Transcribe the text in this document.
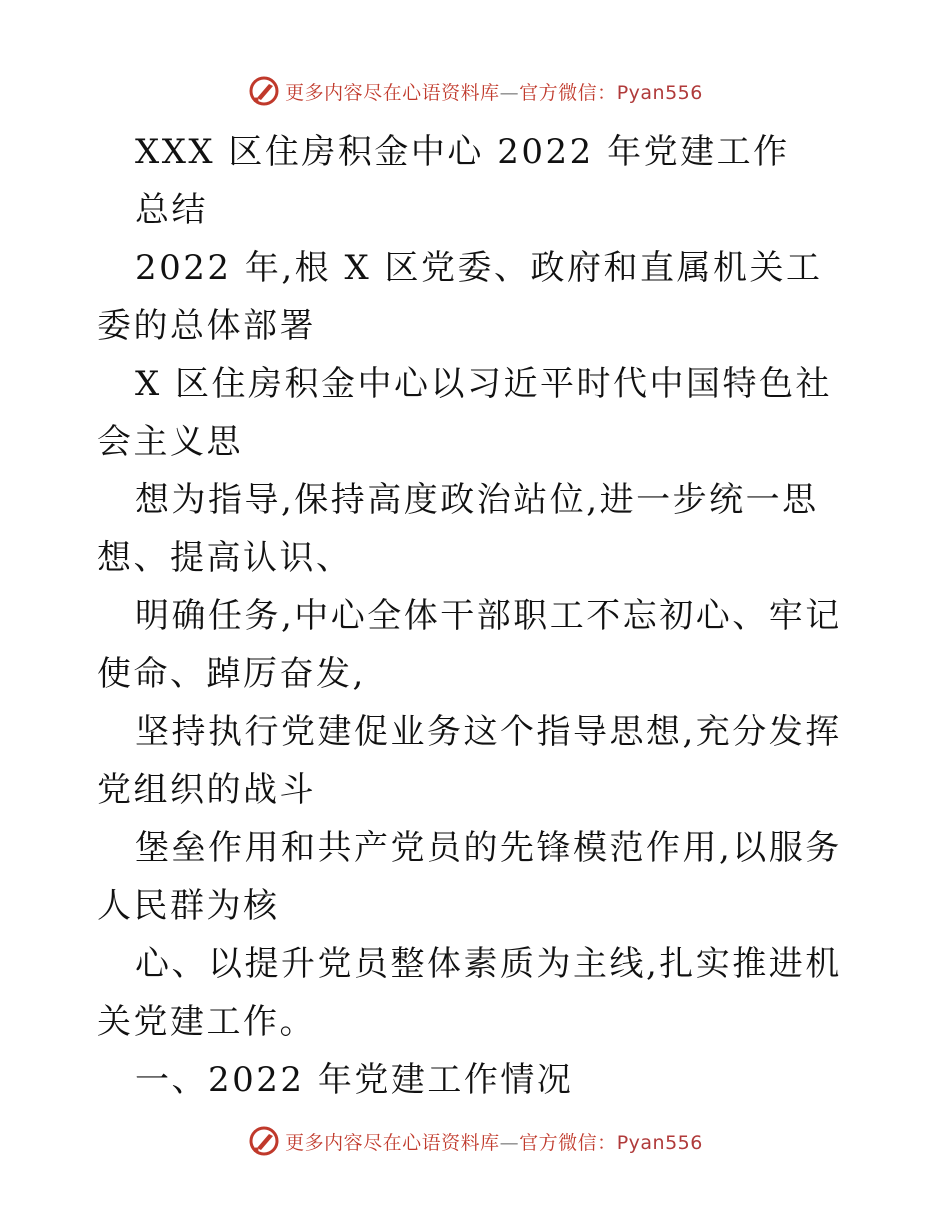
更多内容尽在心语资料库—官方微信：Pyan556

XXX 区住房积金中心 2022 年党建工作

总结

2022 年,根 X 区党委、政府和直属机关工委的总体部署

X 区住房积金中心以习近平时代中国特色社会主义思

想为指导,保持高度政治站位,进一步统一思想、提高认识、

明确任务,中心全体干部职工不忘初心、牢记使命、踔厉奋发,

坚持执行党建促业务这个指导思想,充分发挥党组织的战斗

堡垒作用和共产党员的先锋模范作用,以服务人民群为核

心、以提升党员整体素质为主线,扎实推进机关党建工作。

一、2022 年党建工作情况

更多内容尽在心语资料库—官方微信：Pyan556
